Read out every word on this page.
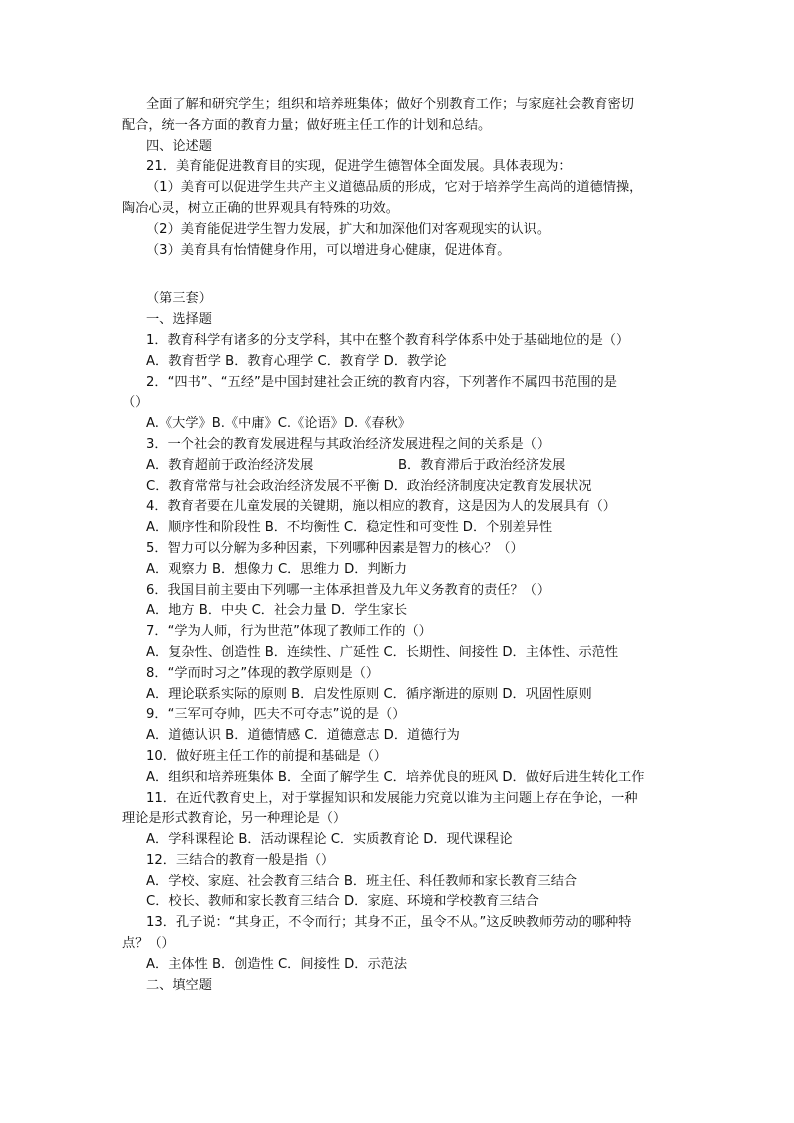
全面了解和研究学生；组织和培养班集体；做好个别教育工作；与家庭社会教育密切
配合，统一各方面的教育力量；做好班主任工作的计划和总结。
四、论述题
21．美育能促进教育目的实现，促进学生德智体全面发展。具体表现为：
（1）美育可以促进学生共产主义道德品质的形成，它对于培养学生高尚的道德情操，
陶冶心灵，树立正确的世界观具有特殊的功效。
（2）美育能促进学生智力发展，扩大和加深他们对客观现实的认识。
（3）美育具有怡情健身作用，可以增进身心健康，促进体育。
（第三套）
一、选择题
1．教育科学有诸多的分支学科，其中在整个教育科学体系中处于基础地位的是（）
A．教育哲学 B．教育心理学 C．教育学 D．教学论
2．“四书”、“五经”是中国封建社会正统的教育内容，下列著作不属四书范围的是
（）
A.《大学》B.《中庸》C.《论语》D.《春秋》
3．一个社会的教育发展进程与其政治经济发展进程之间的关系是（）
A．教育超前于政治经济发展	B．教育滞后于政治经济发展
C．教育常常与社会政治经济发展不平衡 D．政治经济制度决定教育发展状况
4．教育者要在儿童发展的关键期，施以相应的教育，这是因为人的发展具有（）
A．顺序性和阶段性 B．不均衡性 C．稳定性和可变性 D．个别差异性
5．智力可以分解为多种因素，下列哪种因素是智力的核心？（）
A．观察力 B．想像力 C．思维力 D．判断力
6．我国目前主要由下列哪一主体承担普及九年义务教育的责任？（）
A．地方 B．中央 C．社会力量 D．学生家长
7．“学为人师，行为世范”体现了教师工作的（）
A．复杂性、创造性 B．连续性、广延性 C．长期性、间接性 D．主体性、示范性
8．“学而时习之”体现的教学原则是（）
A．理论联系实际的原则 B．启发性原则 C．循序渐进的原则 D．巩固性原则
9．“三军可夺帅，匹夫不可夺志”说的是（）
A．道德认识 B．道德情感 C．道德意志 D．道德行为
10．做好班主任工作的前提和基础是（）
A．组织和培养班集体 B．全面了解学生 C．培养优良的班风 D．做好后进生转化工作
11．在近代教育史上，对于掌握知识和发展能力究竟以谁为主问题上存在争论，一种
理论是形式教育论，另一种理论是（）
A．学科课程论 B．活动课程论 C．实质教育论 D．现代课程论
12．三结合的教育一般是指（）
A．学校、家庭、社会教育三结合 B．班主任、科任教师和家长教育三结合
C．校长、教师和家长教育三结合 D．家庭、环境和学校教育三结合
13．孔子说：“其身正，不令而行；其身不正，虽令不从。”这反映教师劳动的哪种特
点？（）
A．主体性 B．创造性 C．间接性 D．示范法
二、填空题
